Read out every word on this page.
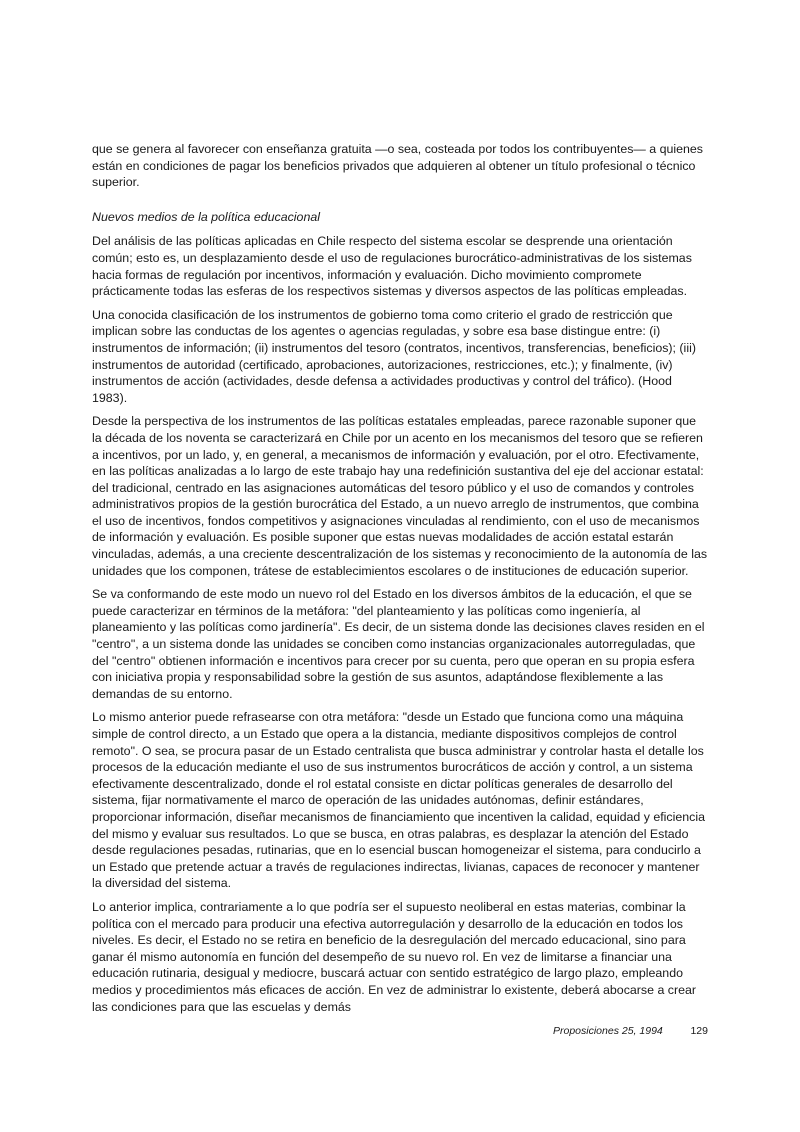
que se genera al favorecer con enseñanza gratuita —o sea, costeada por todos los contribuyentes— a quienes están en condiciones de pagar los beneficios privados que adquieren al obtener un título profesional o técnico superior.

Nuevos medios de la política educacional

Del análisis de las políticas aplicadas en Chile respecto del sistema escolar se desprende una orientación común; esto es, un desplazamiento desde el uso de regulaciones burocrático-administrativas de los sistemas hacia formas de regulación por incentivos, información y evaluación. Dicho movimiento compromete prácticamente todas las esferas de los respectivos sistemas y diversos aspectos de las políticas empleadas.

Una conocida clasificación de los instrumentos de gobierno toma como criterio el grado de restricción que implican sobre las conductas de los agentes o agencias reguladas, y sobre esa base distingue entre: (i) instrumentos de información; (ii) instrumentos del tesoro (contratos, incentivos, transferencias, beneficios); (iii) instrumentos de autoridad (certificado, aprobaciones, autorizaciones, restricciones, etc.); y finalmente, (iv) instrumentos de acción (actividades, desde defensa a actividades productivas y control del tráfico). (Hood 1983).

Desde la perspectiva de los instrumentos de las políticas estatales empleadas, parece razonable suponer que la década de los noventa se caracterizará en Chile por un acento en los mecanismos del tesoro que se refieren a incentivos, por un lado, y, en general, a mecanismos de información y evaluación, por el otro. Efectivamente, en las políticas analizadas a lo largo de este trabajo hay una redefinición sustantiva del eje del accionar estatal: del tradicional, centrado en las asignaciones automáticas del tesoro público y el uso de comandos y controles administrativos propios de la gestión burocrática del Estado, a un nuevo arreglo de instrumentos, que combina el uso de incentivos, fondos competitivos y asignaciones vinculadas al rendimiento, con el uso de mecanismos de información y evaluación. Es posible suponer que estas nuevas modalidades de acción estatal estarán vinculadas, además, a una creciente descentralización de los sistemas y reconocimiento de la autonomía de las unidades que los componen, trátese de establecimientos escolares o de instituciones de educación superior.

Se va conformando de este modo un nuevo rol del Estado en los diversos ámbitos de la educación, el que se puede caracterizar en términos de la metáfora: "del planteamiento y las políticas como ingeniería, al planeamiento y las políticas como jardinería". Es decir, de un sistema donde las decisiones claves residen en el "centro", a un sistema donde las unidades se conciben como instancias organizacionales autorreguladas, que del "centro" obtienen información e incentivos para crecer por su cuenta, pero que operan en su propia esfera con iniciativa propia y responsabilidad sobre la gestión de sus asuntos, adaptándose flexiblemente a las demandas de su entorno.

Lo mismo anterior puede refrasearse con otra metáfora: "desde un Estado que funciona como una máquina simple de control directo, a un Estado que opera a la distancia, mediante dispositivos complejos de control remoto". O sea, se procura pasar de un Estado centralista que busca administrar y controlar hasta el detalle los procesos de la educación mediante el uso de sus instrumentos burocráticos de acción y control, a un sistema efectivamente descentralizado, donde el rol estatal consiste en dictar políticas generales de desarrollo del sistema, fijar normativamente el marco de operación de las unidades autónomas, definir estándares, proporcionar información, diseñar mecanismos de financiamiento que incentiven la calidad, equidad y eficiencia del mismo y evaluar sus resultados. Lo que se busca, en otras palabras, es desplazar la atención del Estado desde regulaciones pesadas, rutinarias, que en lo esencial buscan homogeneizar el sistema, para conducirlo a un Estado que pretende actuar a través de regulaciones indirectas, livianas, capaces de reconocer y mantener la diversidad del sistema.

Lo anterior implica, contrariamente a lo que podría ser el supuesto neoliberal en estas materias, combinar la política con el mercado para producir una efectiva autorregulación y desarrollo de la educación en todos los niveles. Es decir, el Estado no se retira en beneficio de la desregulación del mercado educacional, sino para ganar él mismo autonomía en función del desempeño de su nuevo rol. En vez de limitarse a financiar una educación rutinaria, desigual y mediocre, buscará actuar con sentido estratégico de largo plazo, empleando medios y procedimientos más eficaces de acción. En vez de administrar lo existente, deberá abocarse a crear las condiciones para que las escuelas y demás

Proposiciones 25, 1994	129
